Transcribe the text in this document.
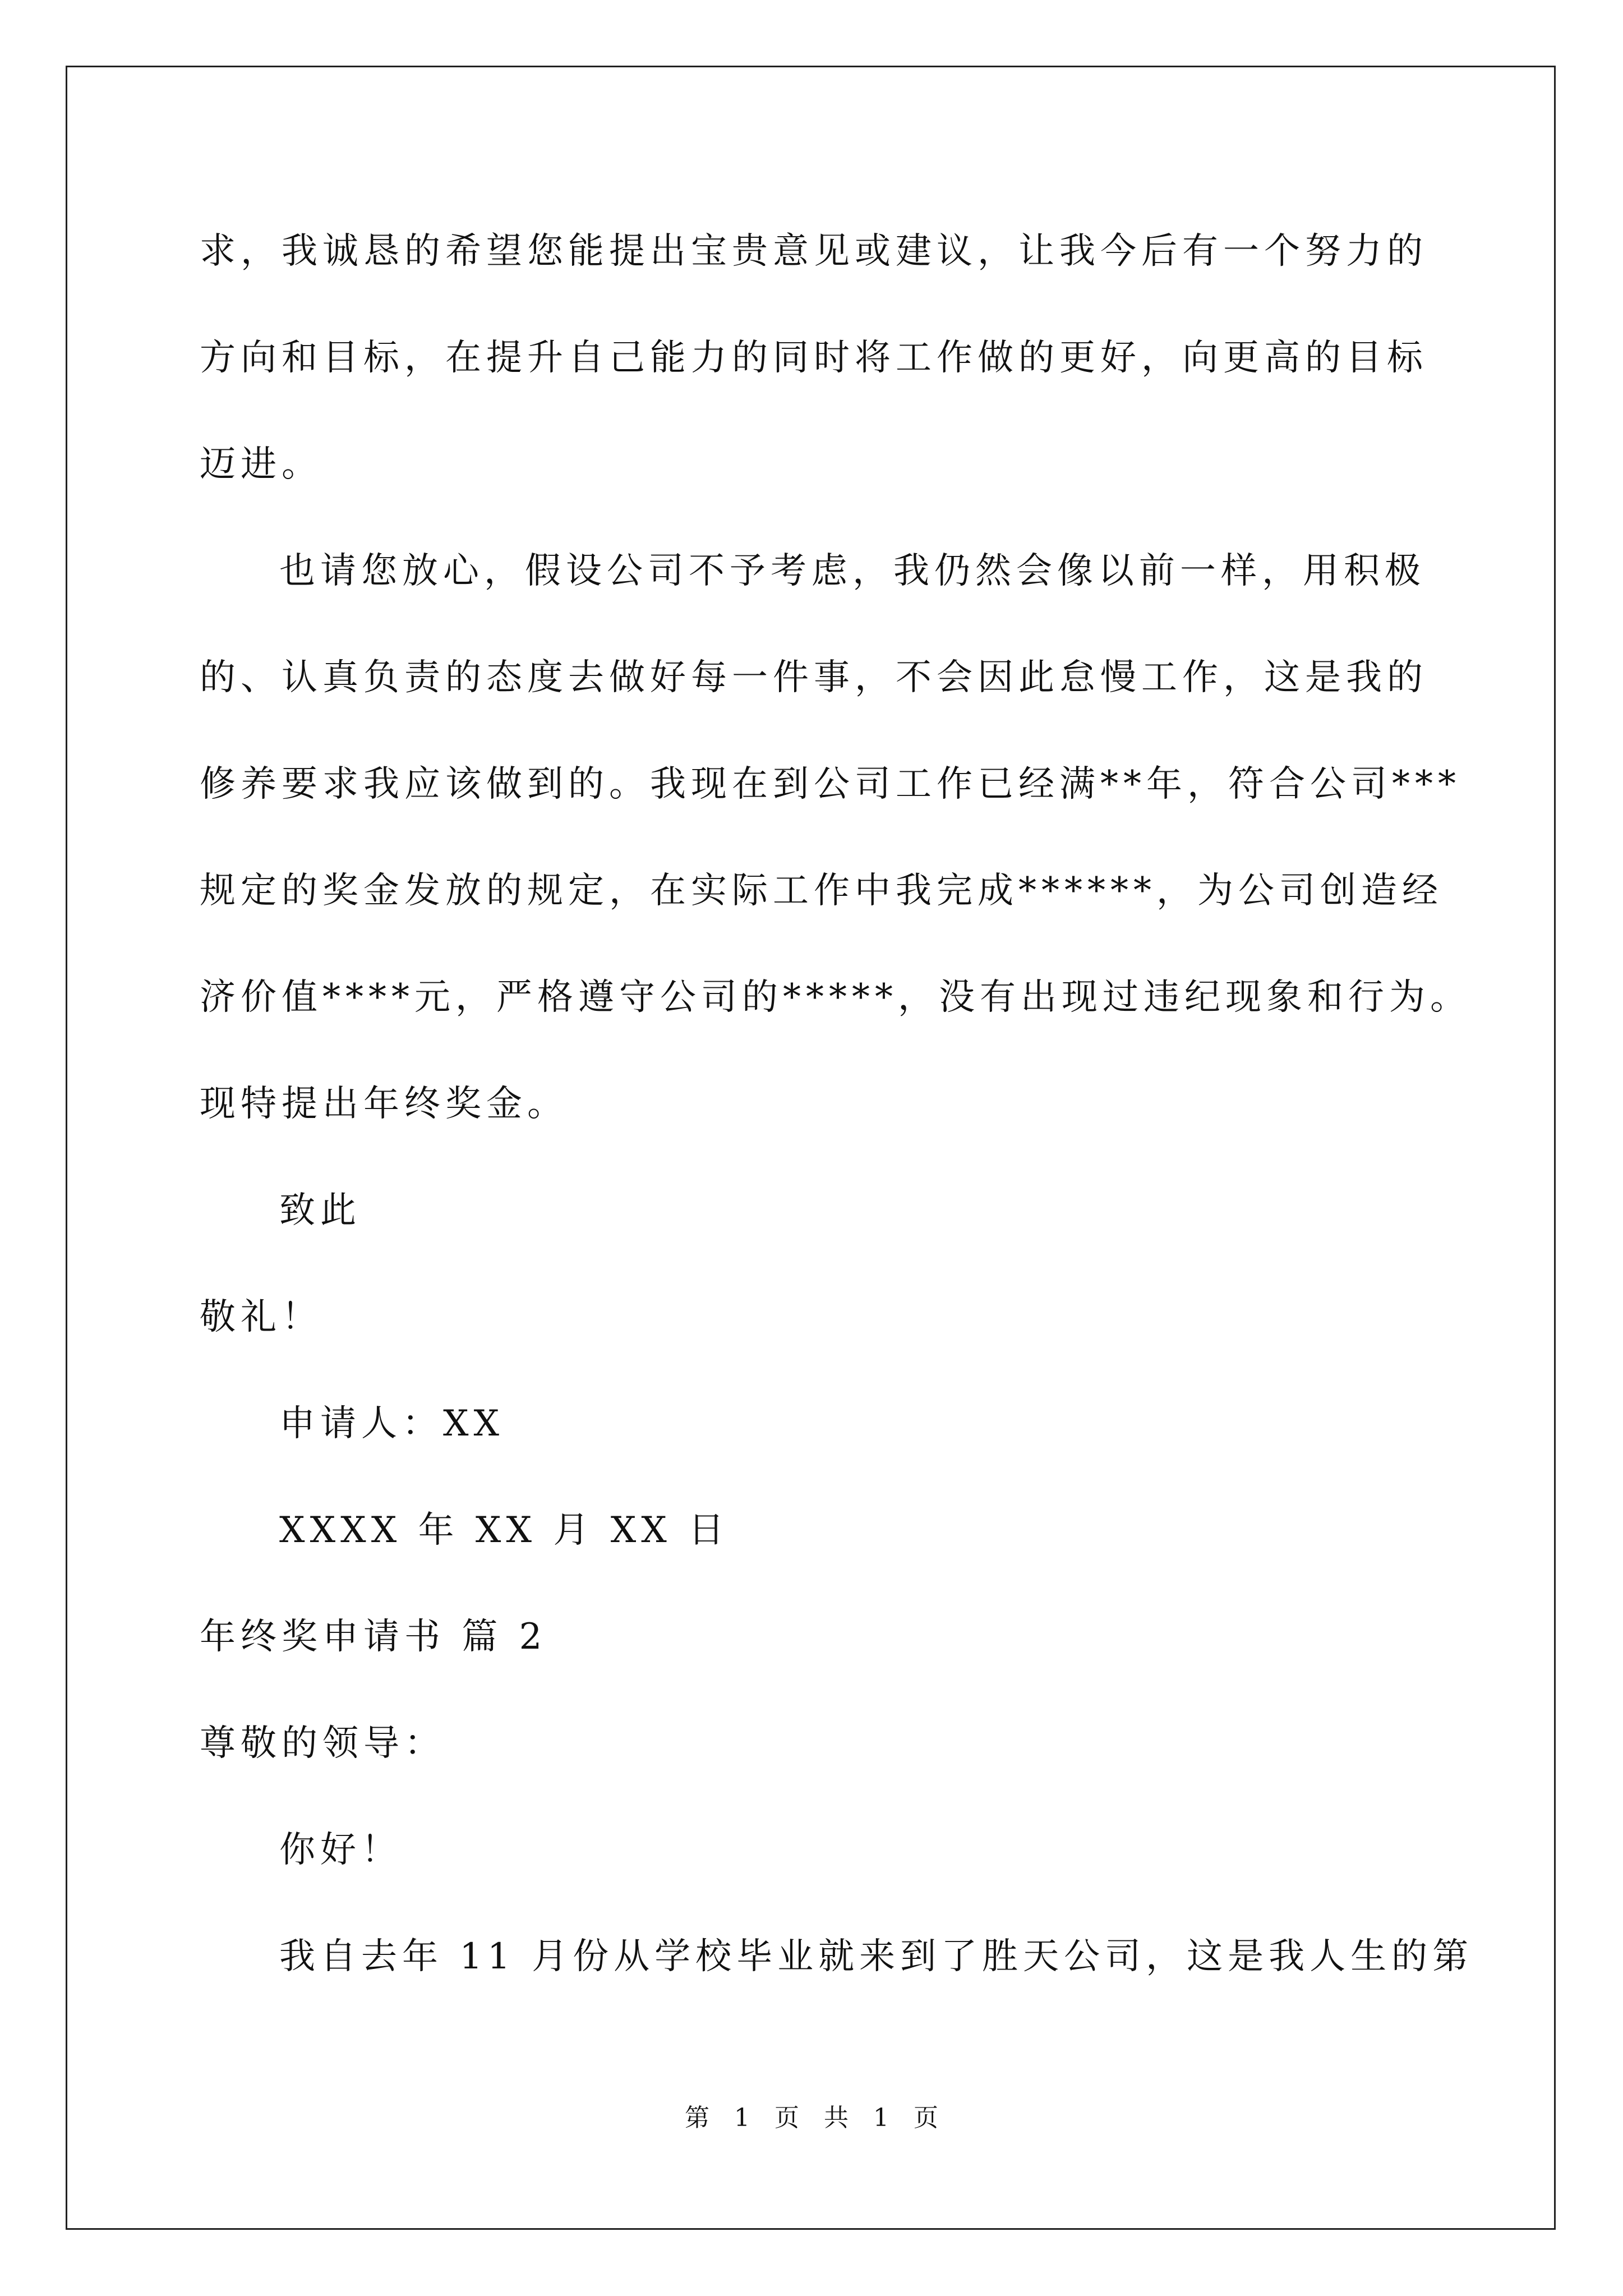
求，我诚恳的希望您能提出宝贵意见或建议，让我今后有一个努力的
方向和目标，在提升自己能力的同时将工作做的更好，向更高的目标
迈进。
也请您放心，假设公司不予考虑，我仍然会像以前一样，用积极
的、认真负责的态度去做好每一件事，不会因此怠慢工作，这是我的
修养要求我应该做到的。我现在到公司工作已经满**年，符合公司***
规定的奖金发放的规定，在实际工作中我完成******，为公司创造经
济价值****元，严格遵守公司的*****，没有出现过违纪现象和行为。
现特提出年终奖金。
致此
敬礼！
申请人：XX
XXXX 年 XX 月 XX 日
年终奖申请书 篇 2
尊敬的领导：
你好！
我自去年 11 月份从学校毕业就来到了胜天公司，这是我人生的第
第 1 页 共 1 页
